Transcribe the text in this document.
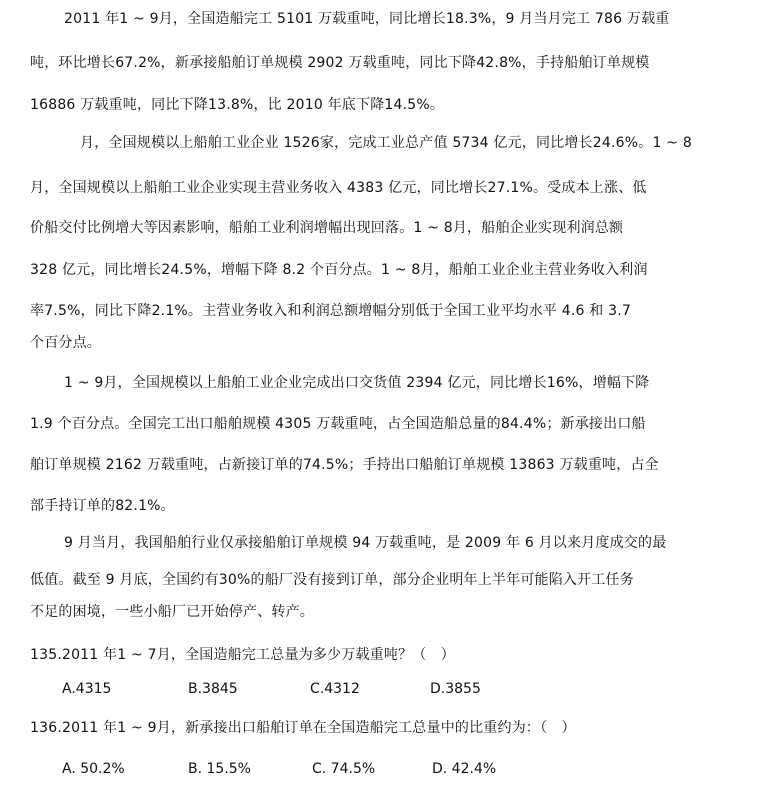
2011 年1 ~ 9月，全国造船完工 5101 万载重吨，同比增长18.3%，9 月当月完工 786 万载重
吨，环比增长67.2%，新承接船舶订单规模 2902 万载重吨，同比下降42.8%，手持船舶订单规模
16886 万载重吨，同比下降13.8%，比 2010 年底下降14.5%。
月，全国规模以上船舶工业企业 1526家，完成工业总产值 5734 亿元，同比增长24.6%。1 ~ 8
月，全国规模以上船舶工业企业实现主营业务收入 4383 亿元，同比增长27.1%。受成本上涨、低
价船交付比例增大等因素影响，船舶工业利润增幅出现回落。1 ~ 8月，船舶企业实现利润总额
328 亿元，同比增长24.5%，增幅下降 8.2 个百分点。1 ~ 8月，船舶工业企业主营业务收入利润
率7.5%，同比下降2.1%。主营业务收入和利润总额增幅分别低于全国工业平均水平 4.6 和 3.7
个百分点。
1 ~ 9月，全国规模以上船舶工业企业完成出口交货值 2394 亿元，同比增长16%，增幅下降
1.9 个百分点。全国完工出口船舶规模 4305 万载重吨，占全国造船总量的84.4%；新承接出口船
舶订单规模 2162 万载重吨，占新接订单的74.5%；手持出口船舶订单规模 13863 万载重吨，占全
部手持订单的82.1%。
9 月当月，我国船舶行业仅承接船舶订单规模 94 万载重吨，是 2009 年 6 月以来月度成交的最
低值。截至 9 月底，全国约有30%的船厂没有接到订单，部分企业明年上半年可能陷入开工任务
不足的困境，一些小船厂已开始停产、转产。
135.2011 年1 ~ 7月，全国造船完工总量为多少万载重吨？（　）
A.4315	B.3845	C.4312	D.3855
136.2011 年1 ~ 9月，新承接出口船舶订单在全国造船完工总量中的比重约为：（　）
A. 50.2%	B. 15.5%	C. 74.5%	D. 42.4%
